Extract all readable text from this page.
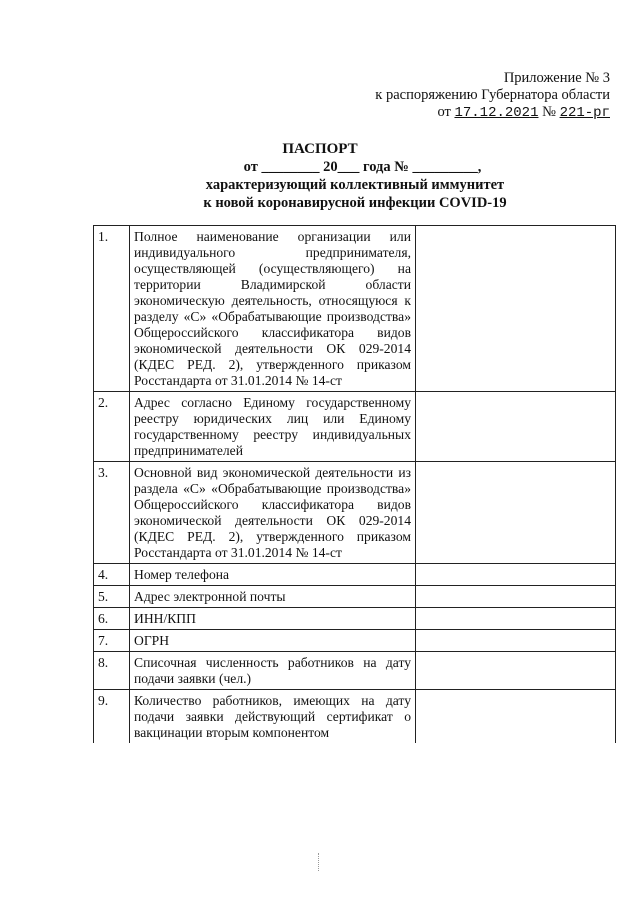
Приложение № 3
к распоряжению Губернатора области
от 17.12.2021 № 221-рг
ПАСПОРТ
от ________ 20___ года № _________,
характеризующий коллективный иммунитет
к новой коронавирусной инфекции COVID-19
1.	Полное наименование организации или индивидуального предпринимателя, осуществляющей (осуществляющего) на территории Владимирской области экономическую деятельность, относящуюся к разделу «С» «Обрабатывающие производства» Общероссийского классификатора видов экономической деятельности ОК 029-2014 (КДЕС РЕД. 2), утвержденного приказом Росстандарта от 31.01.2014 № 14-ст	
2.	Адрес согласно Единому государственному реестру юридических лиц или Единому государственному реестру индивидуальных предпринимателей	
3.	Основной вид экономической деятельности из раздела «С» «Обрабатывающие производства» Общероссийского классификатора видов экономической деятельности ОК 029-2014 (КДЕС РЕД. 2), утвержденного приказом Росстандарта от 31.01.2014 № 14-ст	
4.	Номер телефона	
5.	Адрес электронной почты	
6.	ИНН/КПП	
7.	ОГРН	
8.	Списочная численность работников на дату подачи заявки (чел.)	
9.	Количество работников, имеющих на дату подачи заявки действующий сертификат о вакцинации вторым компонентом	
